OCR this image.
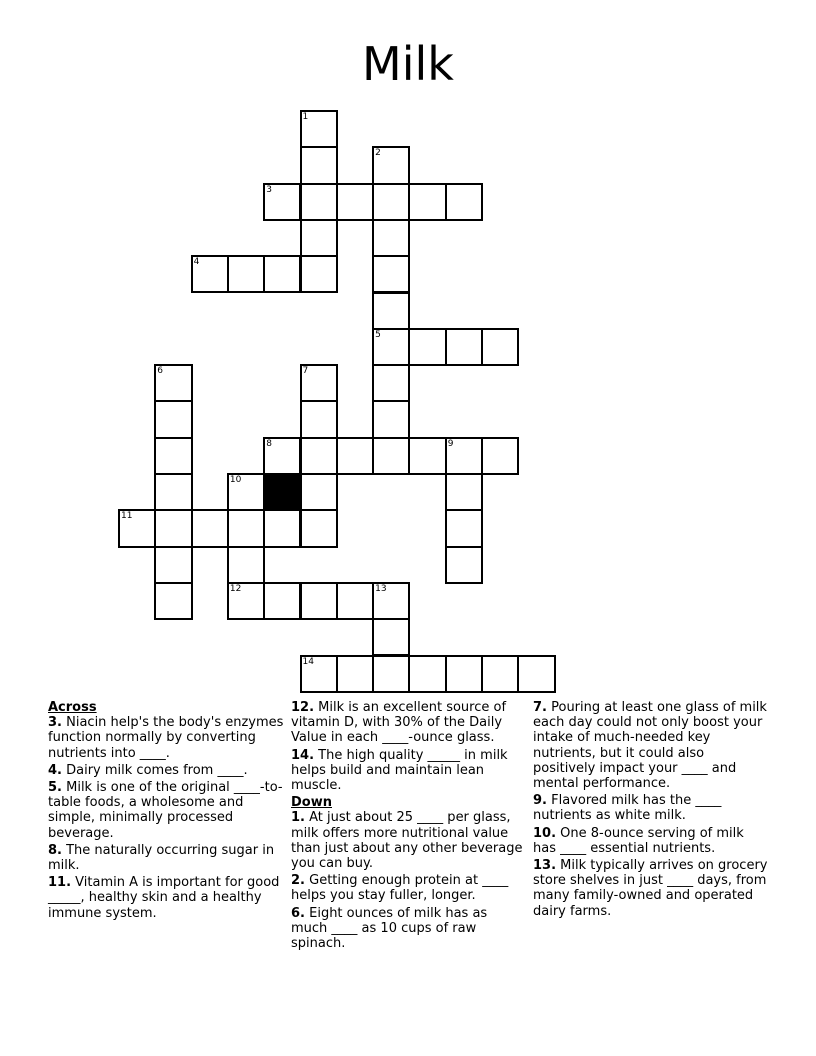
Milk
1
2
5
3
4
6	7
8	9
10
12
11
13
14
Across
3. Niacin help's the body's enzymes function normally by converting nutrients into ____.
4. Dairy milk comes from ____.
5. Milk is one of the original ____-to-table foods, a wholesome and simple, minimally processed beverage.
8. The naturally occurring sugar in milk.
11. Vitamin A is important for good _____, healthy skin and a healthy immune system.
12. Milk is an excellent source of vitamin D, with 30% of the Daily Value in each ____-ounce glass.
14. The high quality _____ in milk helps build and maintain lean muscle.
Down
1. At just about 25 ____ per glass, milk offers more nutritional value than just about any other beverage you can buy.
2. Getting enough protein at ____ helps you stay fuller, longer.
6. Eight ounces of milk has as much ____ as 10 cups of raw spinach.
7. Pouring at least one glass of milk each day could not only boost your intake of much-needed key nutrients, but it could also positively impact your ____ and mental performance.
9. Flavored milk has the ____ nutrients as white milk.
10. One 8-ounce serving of milk has ____ essential nutrients.
13. Milk typically arrives on grocery store shelves in just ____ days, from many family-owned and operated dairy farms.
